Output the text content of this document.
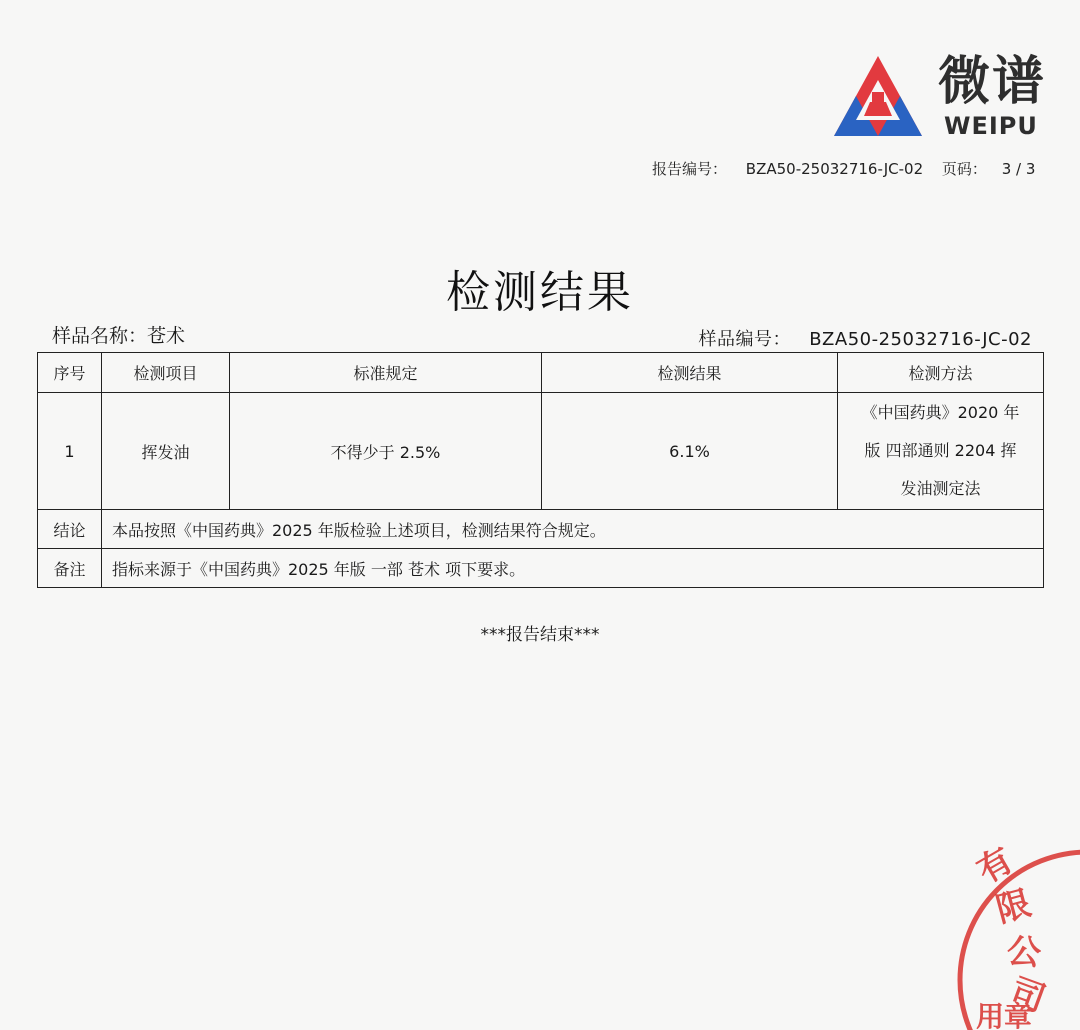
微谱
WEIPU
报告编号： BZA50-25032716-JC-02 页码： 3 / 3
检测结果
样品名称：苍术	样品编号： BZA50-25032716-JC-02
序号	检测项目	标准规定	检测结果	检测方法
1	挥发油	不得少于 2.5%	6.1%	《中国药典》2020 年
版 四部通则 2204 挥
发油测定法

结论	本品按照《中国药典》2025 年版检验上述项目，检测结果符合规定。			
备注	指标来源于《中国药典》2025 年版 一部 苍术 项下要求。			
***报告结束***
有
限
公
司
用章
